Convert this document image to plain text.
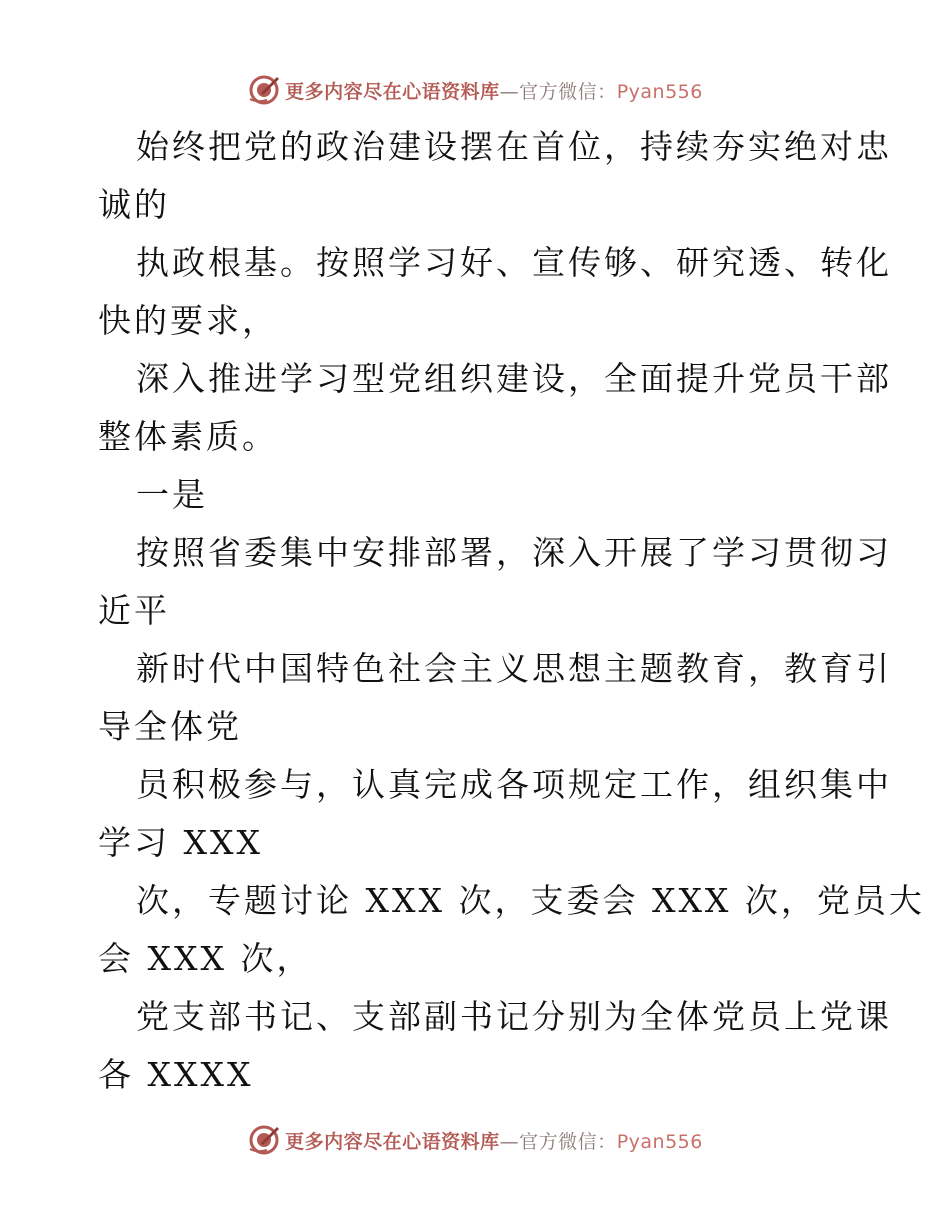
更多内容尽在心语资料库—官方微信：Pyan556
始终把党的政治建设摆在首位，持续夯实绝对忠
诚的
执政根基。按照学习好、宣传够、研究透、转化
快的要求，
深入推进学习型党组织建设，全面提升党员干部
整体素质。
一是
按照省委集中安排部署，深入开展了学习贯彻习
近平
新时代中国特色社会主义思想主题教育，教育引
导全体党
员积极参与，认真完成各项规定工作，组织集中
学习 XXX
次，专题讨论 XXX 次，支委会 XXX 次，党员大
会 XXX 次，
党支部书记、支部副书记分别为全体党员上党课
各 XXXX
更多内容尽在心语资料库—官方微信：Pyan556
